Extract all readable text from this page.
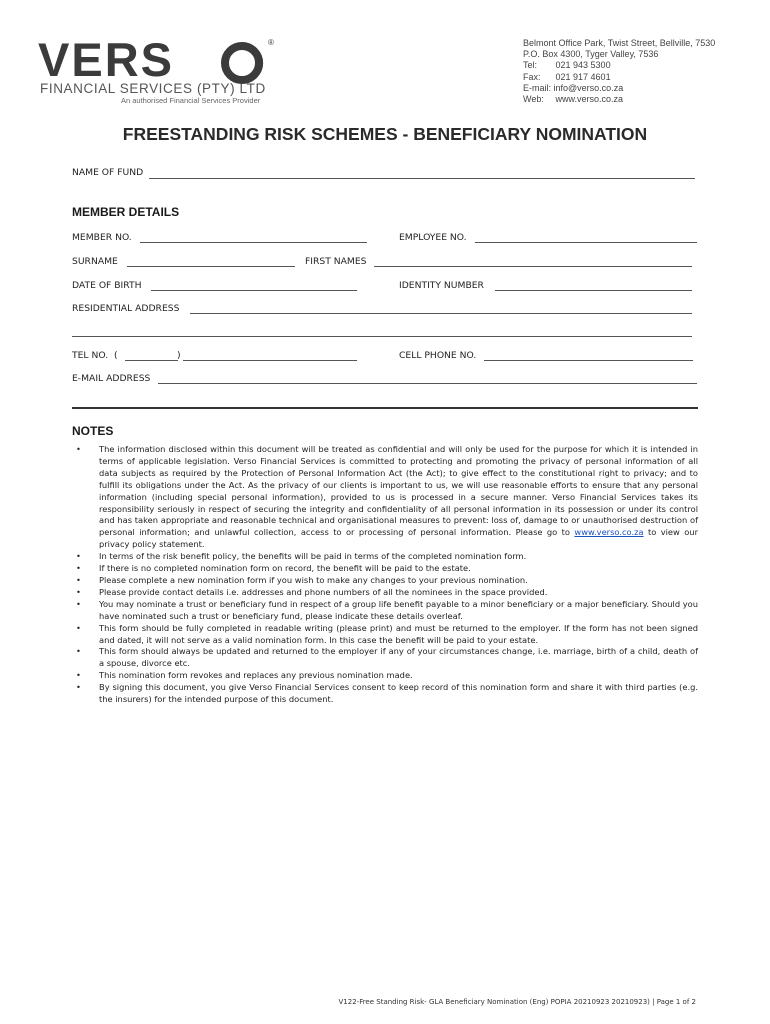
VERS	®
FINANCIAL SERVICES (PTY) LTD
An authorised Financial Services Provider
Belmont Office Park, Twist Street, Bellville, 7530
P.O. Box 4300, Tyger Valley, 7536
Tel: 021 943 5300
Fax: 021 917 4601
E-mail: info@verso.co.za
Web: www.verso.co.za
FREESTANDING RISK SCHEMES - BENEFICIARY NOMINATION
NAME OF FUND
MEMBER DETAILS
MEMBER NO.	EMPLOYEE NO.
SURNAME	FIRST NAMES
DATE OF BIRTH	IDENTITY NUMBER
RESIDENTIAL ADDRESS
TEL NO. (	)	CELL PHONE NO.
E-MAIL ADDRESS
NOTES
• The information disclosed within this document will be treated as confidential and will only be used for the purpose for which it is intended in terms of applicable legislation. Verso Financial Services is committed to protecting and promoting the privacy of personal information of all data subjects as required by the Protection of Personal Information Act (the Act); to give effect to the constitutional right to privacy; and to fulfill its obligations under the Act. As the privacy of our clients is important to us, we will use reasonable efforts to ensure that any personal information (including special personal information), provided to us is processed in a secure manner. Verso Financial Services takes its responsibility seriously in respect of securing the integrity and confidentiality of all personal information in its possession or under its control and has taken appropriate and reasonable technical and organisational measures to prevent: loss of, damage to or unauthorised destruction of personal information; and unlawful collection, access to or processing of personal information. Please go to www.verso.co.za to view our privacy policy statement.
• In terms of the risk benefit policy, the benefits will be paid in terms of the completed nomination form.
• If there is no completed nomination form on record, the benefit will be paid to the estate.
• Please complete a new nomination form if you wish to make any changes to your previous nomination.
• Please provide contact details i.e. addresses and phone numbers of all the nominees in the space provided.
• You may nominate a trust or beneficiary fund in respect of a group life benefit payable to a minor beneficiary or a major beneficiary. Should you have nominated such a trust or beneficiary fund, please indicate these details overleaf.
• This form should be fully completed in readable writing (please print) and must be returned to the employer. If the form has not been signed and dated, it will not serve as a valid nomination form. In this case the benefit will be paid to your estate.
• This form should always be updated and returned to the employer if any of your circumstances change, i.e. marriage, birth of a child, death of a spouse, divorce etc.
• This nomination form revokes and replaces any previous nomination made.
• By signing this document, you give Verso Financial Services consent to keep record of this nomination form and share it with third parties (e.g. the insurers) for the intended purpose of this document.
V122-Free Standing Risk- GLA Beneficiary Nomination (Eng) POPIA 20210923 20210923) | Page 1 of 2
